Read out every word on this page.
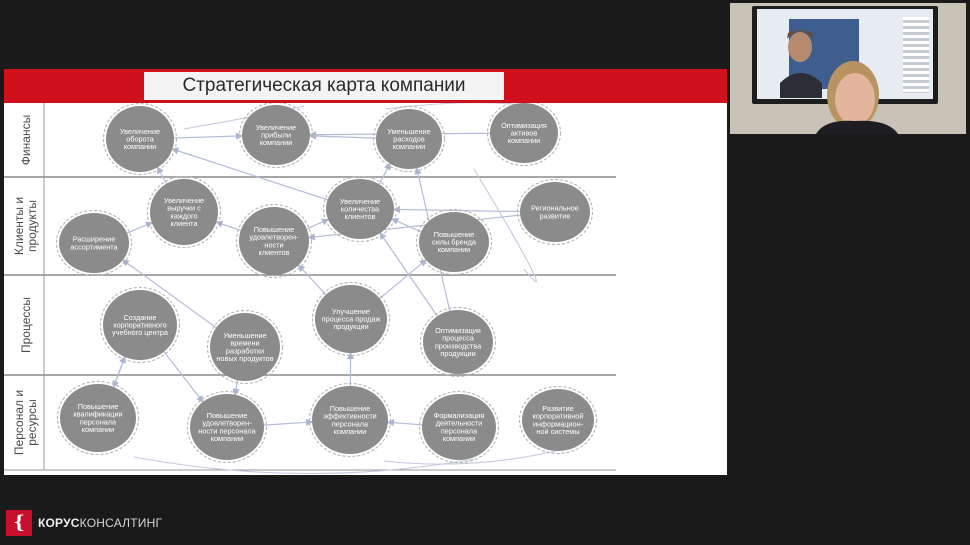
Финансы
Клиенты ипродукты
Процессы
Персонал иресурсы
Увеличение
оборота
компании
Увеличение
прибыли
компании
Уменьшение
расходов
компании
Оптимизация
активов
компании
Увеличение
выручки с
каждого
клиента
Увеличение
количества
клиентов
Региональное
развитие
Расширение
ассортимента
Повышение
удовлетворен-
ности
клиентов
Повышение
силы бренда
компании
Создание
корпоративного
учебного центра
Улучшение
процесса продаж
продукции
Уменьшение
времени
разработки
новых продуктов
Оптимизация
процесса
производства
продукции
Повышение
квалификации
персонала
компании
Повышение
удовлетворен-
ности персонала
компании
Повышение
эффективности
персонала
компании
Формализация
деятельности
персонала
компании
Развитие
корпоративной
информацион-
ной системы
Стратегическая карта компании
{	КОРУСКОНСАЛТИНГ
